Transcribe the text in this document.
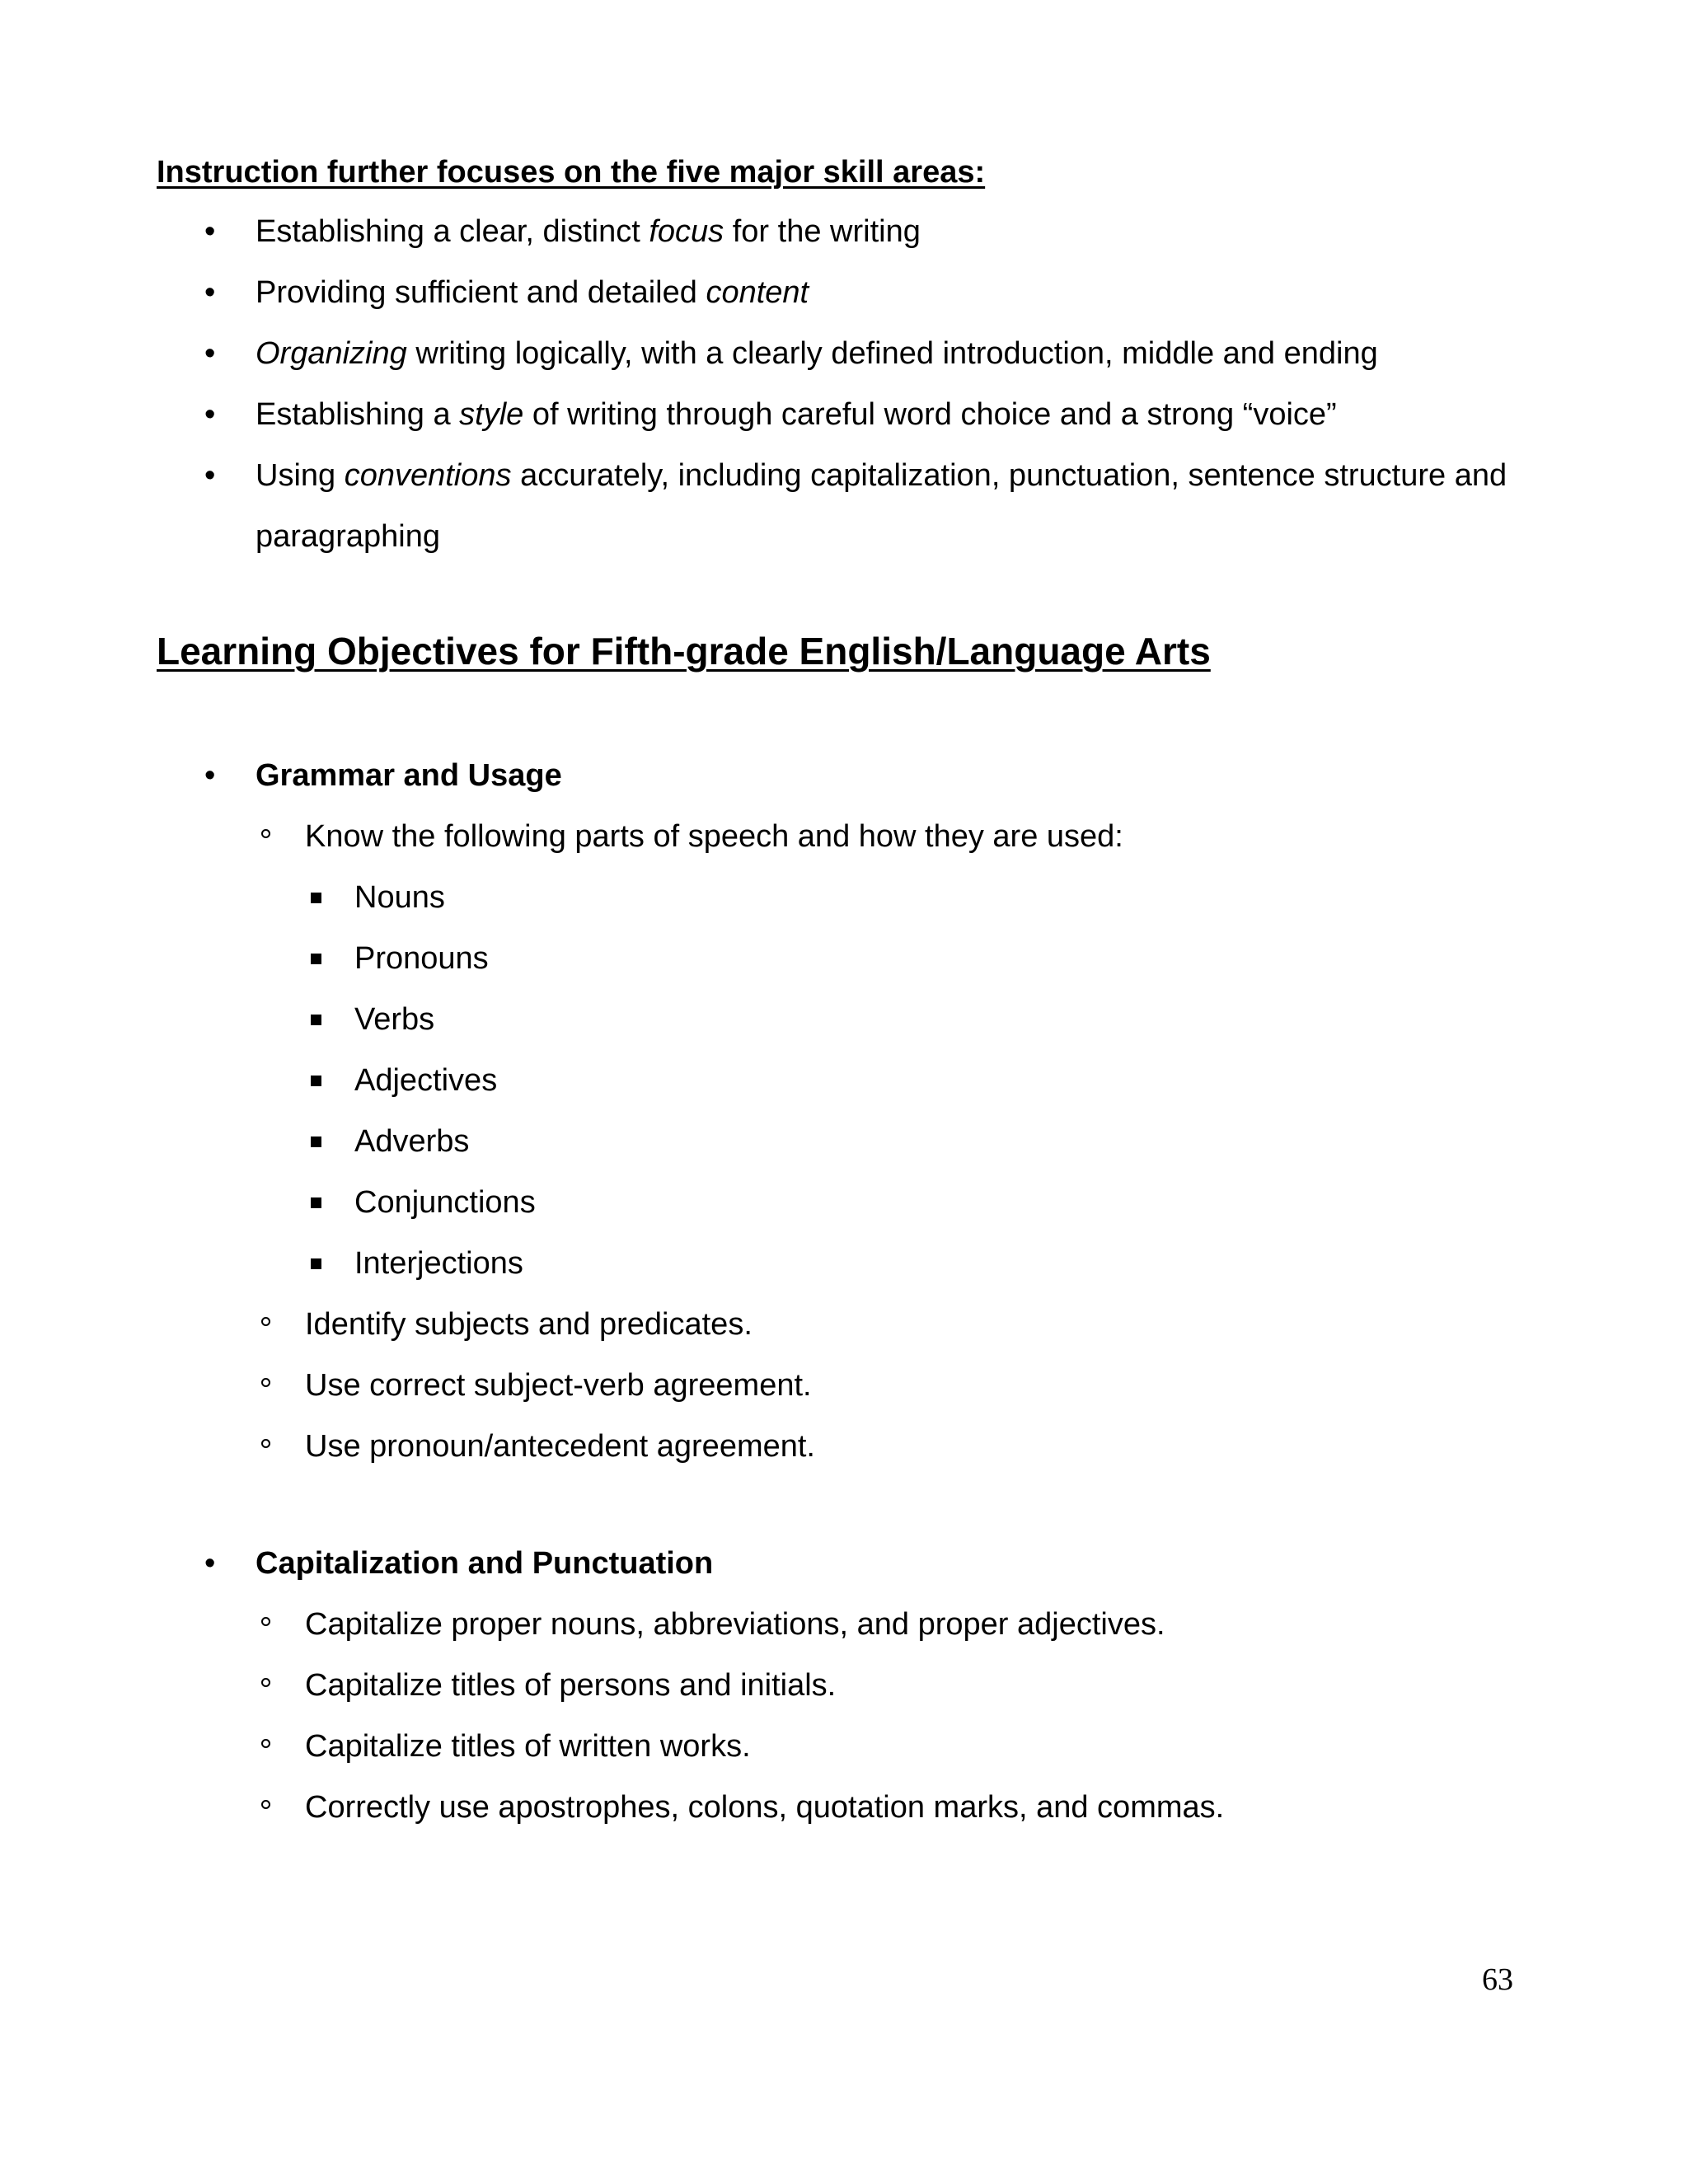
Instruction further focuses on the five major skill areas:

• Establishing a clear, distinct focus for the writing
• Providing sufficient and detailed content
• Organizing writing logically, with a clearly defined introduction, middle and ending
• Establishing a style of writing through careful word choice and a strong “voice”
• Using conventions accurately, including capitalization, punctuation, sentence structure and paragraphing
Learning Objectives for Fifth-grade English/Language Arts
• Grammar and Usage
Know the following parts of speech and how they are used:
Nouns
Pronouns
Verbs
Adjectives
Adverbs
Conjunctions
Interjections
Identify subjects and predicates.
Use correct subject-verb agreement.
Use pronoun/antecedent agreement.
• Capitalization and Punctuation
Capitalize proper nouns, abbreviations, and proper adjectives.
Capitalize titles of persons and initials.
Capitalize titles of written works.
Correctly use apostrophes, colons, quotation marks, and commas.

63
